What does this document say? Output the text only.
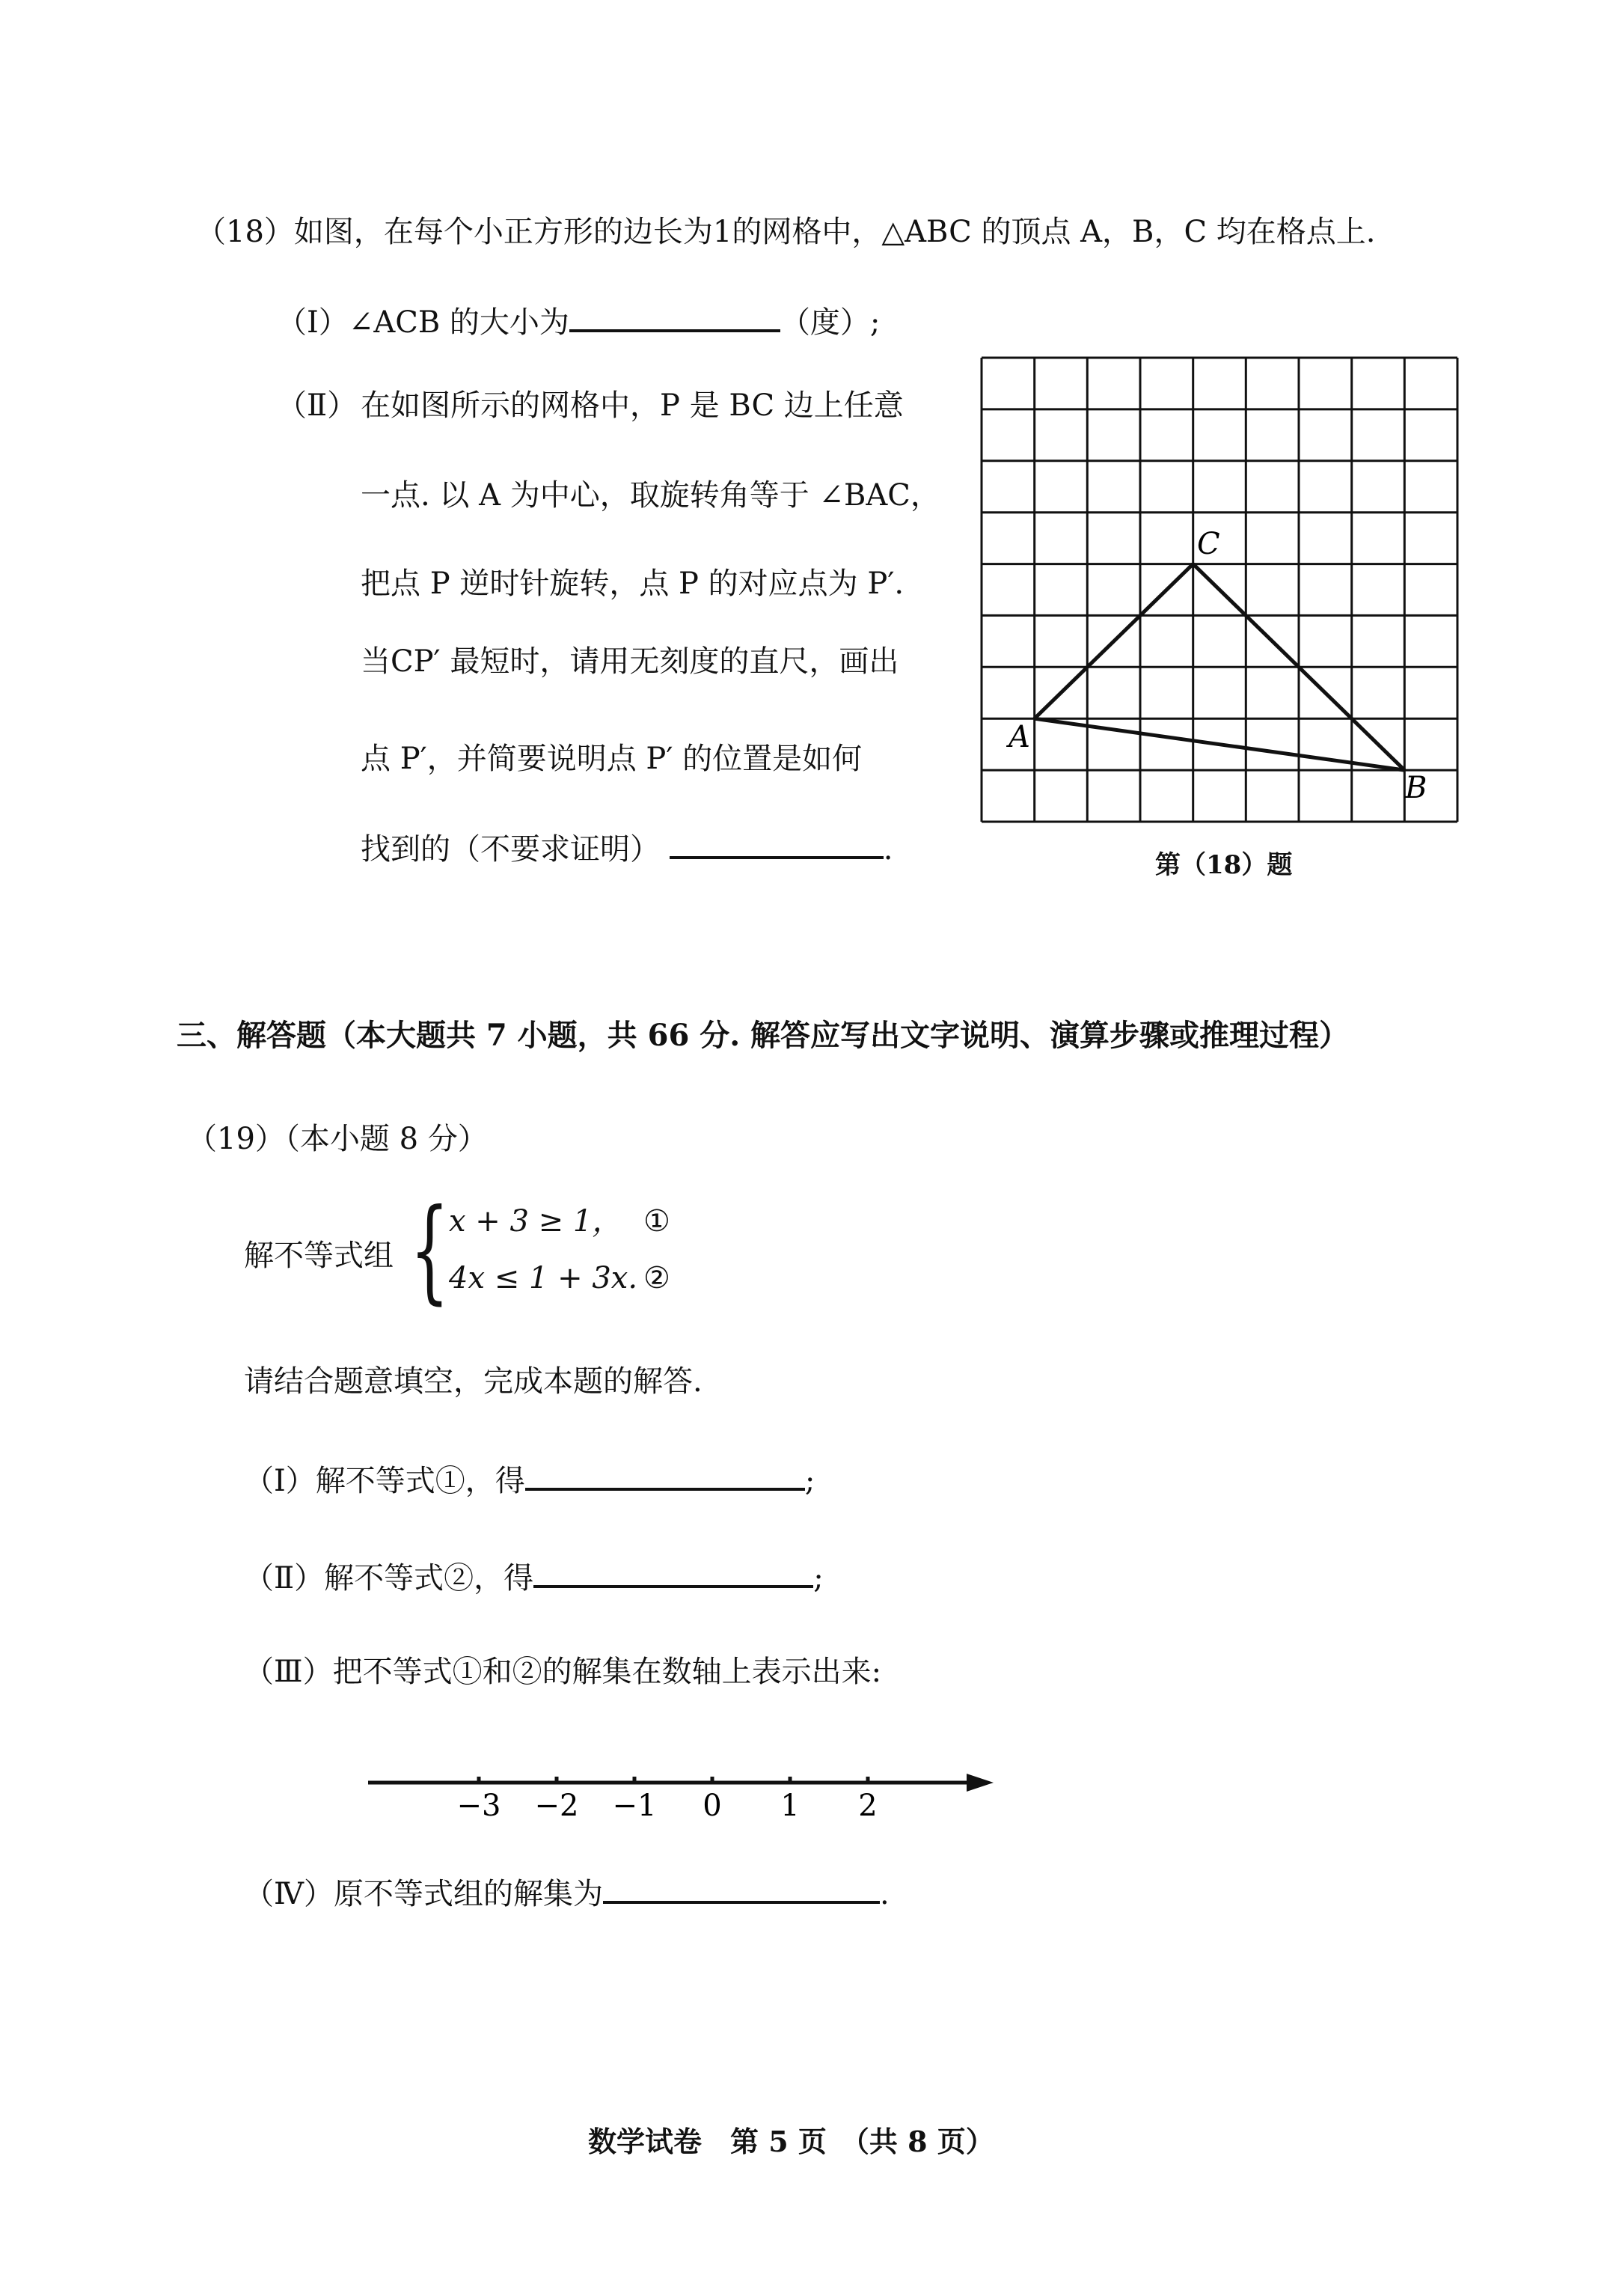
（18）如图，在每个小正方形的边长为1的网格中，△ABC 的顶点 A，B，C 均在格点上.
（Ⅰ）∠ACB 的大小为	（度）;
（Ⅱ） 在如图所示的网格中，P 是 BC 边上任意
一点. 以 A 为中心，取旋转角等于 ∠BAC，
把点 P 逆时针旋转，点 P 的对应点为 P′.
当CP′ 最短时，请用无刻度的直尺，画出
点 P′，并简要说明点 P′ 的位置是如何
找到的（不要求证明）	.
C
A
B
第（18）题
三、解答题（本大题共 7 小题，共 66 分. 解答应写出文字说明、演算步骤或推理过程）
（19）（本小题 8 分）
解不等式组 { x + 3 ≥ 1， ①
4x ≤ 1 + 3x. ②
请结合题意填空，完成本题的解答.
（Ⅰ）解不等式①，得	;
（Ⅱ）解不等式②，得	;
（Ⅲ）把不等式①和②的解集在数轴上表示出来:
−3 −2 −1 0 1 2
（Ⅳ）原不等式组的解集为	.
数学试卷　第 5 页　（共 8 页）
